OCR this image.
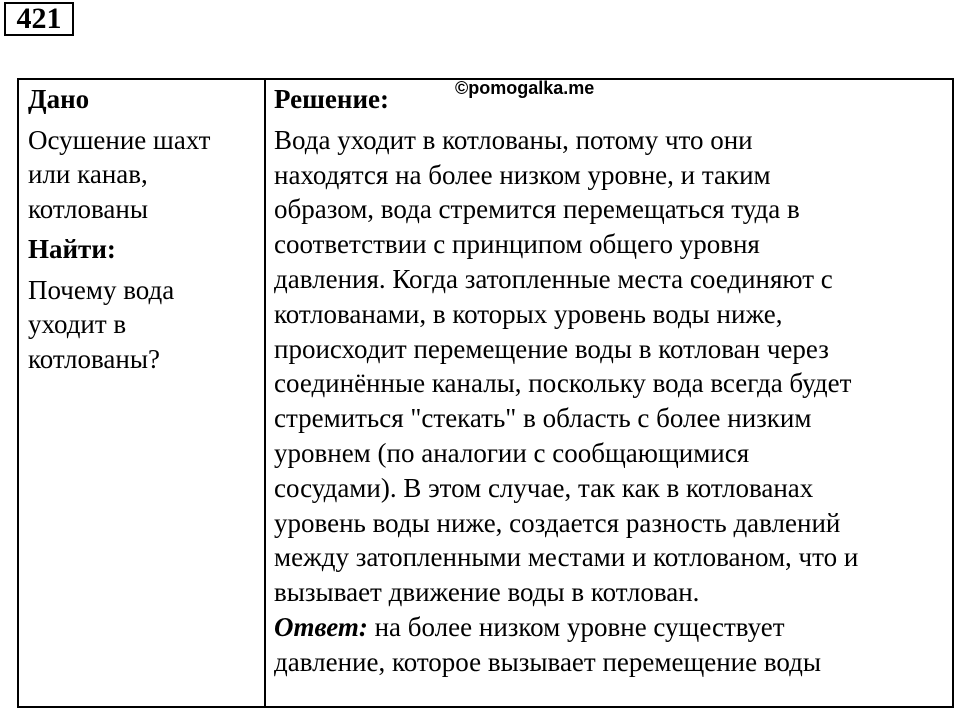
421
©pomogalka.me
Дано
Осушение шахт
или канав,
котлованы
Найти:
Почему вода
уходит в
котлованы?
Решение:
Вода уходит в котлованы, потому что они
находятся на более низком уровне, и таким
образом, вода стремится перемещаться туда в
соответствии с принципом общего уровня
давления. Когда затопленные места соединяют с
котлованами, в которых уровень воды ниже,
происходит перемещение воды в котлован через
соединённые каналы, поскольку вода всегда будет
стремиться "стекать" в область с более низким
уровнем (по аналогии с сообщающимися
сосудами). В этом случае, так как в котлованах
уровень воды ниже, создается разность давлений
между затопленными местами и котлованом, что и
вызывает движение воды в котлован.
Ответ: на более низком уровне существует
давление, которое вызывает перемещение воды
